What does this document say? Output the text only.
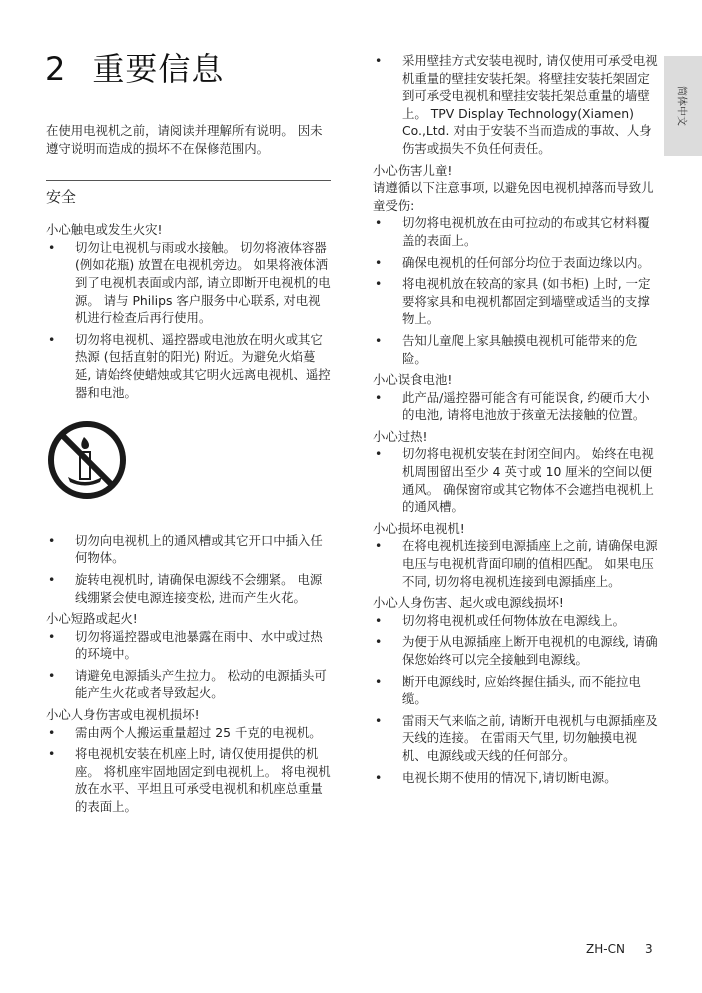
2 重要信息
简体中文

在使用电视机之前，请阅读并理解所有说明。 因未遵守说明而造成的损坏不在保修范围内。

安全

小心触电或发生火灾!

• 切勿让电视机与雨或水接触。 切勿将液体容器 (例如花瓶) 放置在电视机旁边。 如果将液体洒到了电视机表面或内部, 请立即断开电视机的电源。 请与 Philips 客户服务中心联系, 对电视机进行检查后再行使用。
• 切勿将电视机、遥控器或电池放在明火或其它热源 (包括直射的阳光) 附近。为避免火焰蔓延, 请始终使蜡烛或其它明火远离电视机、遥控器和电池。
• 切勿向电视机上的通风槽或其它开口中插入任何物体。
• 旋转电视机时, 请确保电源线不会绷紧。 电源线绷紧会使电源连接变松, 进而产生火花。

小心短路或起火!

• 切勿将遥控器或电池暴露在雨中、水中或过热的环境中。
• 请避免电源插头产生拉力。 松动的电源插头可能产生火花或者导致起火。

小心人身伤害或电视机损坏!

• 需由两个人搬运重量超过 25 千克的电视机。
• 将电视机安装在机座上时, 请仅使用提供的机座。 将机座牢固地固定到电视机上。 将电视机放在水平、平坦且可承受电视机和机座总重量的表面上。
• 采用壁挂方式安装电视时, 请仅使用可承受电视机重量的壁挂安装托架。将壁挂安装托架固定到可承受电视机和壁挂安装托架总重量的墙壁上。 TPV Display Technology(Xiamen) Co.,Ltd. 对由于安装不当而造成的事故、人身伤害或损失不负任何责任。

小心伤害儿童!

请遵循以下注意事项, 以避免因电视机掉落而导致儿童受伤:

• 切勿将电视机放在由可拉动的布或其它材料覆盖的表面上。
• 确保电视机的任何部分均位于表面边缘以内。
• 将电视机放在较高的家具 (如书柜) 上时, 一定要将家具和电视机都固定到墙壁或适当的支撑物上。
• 告知儿童爬上家具触摸电视机可能带来的危险。

小心误食电池!

• 此产品/遥控器可能含有可能误食, 约硬币大小的电池, 请将电池放于孩童无法接触的位置。

小心过热!

• 切勿将电视机安装在封闭空间内。 始终在电视机周围留出至少 4 英寸或 10 厘米的空间以便通风。 确保窗帘或其它物体不会遮挡电视机上的通风槽。

小心损坏电视机!

• 在将电视机连接到电源插座上之前, 请确保电源电压与电视机背面印刷的值相匹配。 如果电压不同, 切勿将电视机连接到电源插座上。

小心人身伤害、起火或电源线损坏!

• 切勿将电视机或任何物体放在电源线上。
• 为便于从电源插座上断开电视机的电源线, 请确保您始终可以完全接触到电源线。
• 断开电源线时, 应始终握住插头, 而不能拉电缆。
• 雷雨天气来临之前, 请断开电视机与电源插座及天线的连接。 在雷雨天气里, 切勿触摸电视机、电源线或天线的任何部分。
• 电视长期不使用的情况下,请切断电源。
ZH-CN 3
